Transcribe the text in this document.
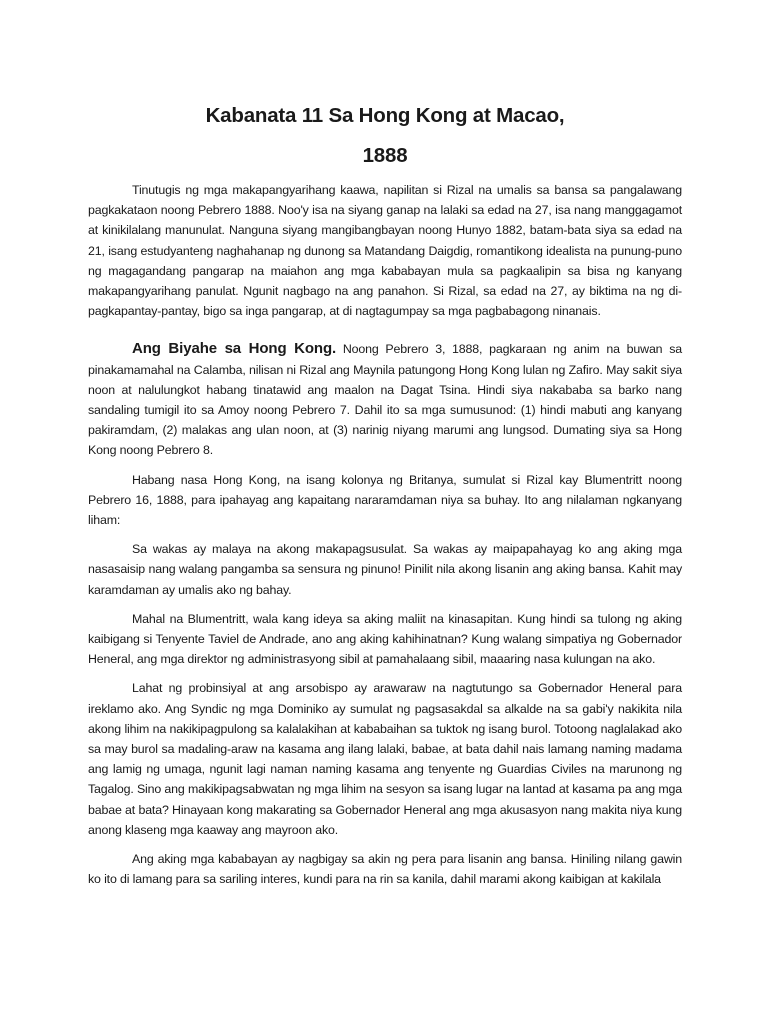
Kabanata 11 Sa Hong Kong at Macao,
1888

Tinutugis ng mga makapangyarihang kaawa, napilitan si Rizal na umalis sa bansa sa pangalawang pagkakataon noong Pebrero 1888. Noo'y isa na siyang ganap na lalaki sa edad na 27, isa nang manggagamot at kinikilalang manunulat. Nanguna siyang mangibangbayan noong Hunyo 1882, batam-bata siya sa edad na 21, isang estudyanteng naghahanap ng dunong sa Matandang Daigdig, romantikong idealista na punung-puno ng magagandang pangarap na maiahon ang mga kababayan mula sa pagkaalipin sa bisa ng kanyang makapangyarihang panulat. Ngunit nagbago na ang panahon. Si Rizal, sa edad na 27, ay biktima na ng di-pagkapantay-pantay, bigo sa inga pangarap, at di nagtagumpay sa mga pagbabagong ninanais.

Ang Biyahe sa Hong Kong. Noong Pebrero 3, 1888, pagkaraan ng anim na buwan sa pinakamamahal na Calamba, nilisan ni Rizal ang Maynila patungong Hong Kong lulan ng Zafiro. May sakit siya noon at nalulungkot habang tinatawid ang maalon na Dagat Tsina. Hindi siya nakababa sa barko nang sandaling tumigil ito sa Amoy noong Pebrero 7. Dahil ito sa mga sumusunod: (1) hindi mabuti ang kanyang pakiramdam, (2) malakas ang ulan noon, at (3) narinig niyang marumi ang lungsod. Dumating siya sa Hong Kong noong Pebrero 8.

Habang nasa Hong Kong, na isang kolonya ng Britanya, sumulat si Rizal kay Blumentritt noong Pebrero 16, 1888, para ipahayag ang kapaitang nararamdaman niya sa buhay. Ito ang nilalaman ngkanyang liham:

Sa wakas ay malaya na akong makapagsusulat. Sa wakas ay maipapahayag ko ang aking mga nasasaisip nang walang pangamba sa sensura ng pinuno! Pinilit nila akong lisanin ang aking bansa. Kahit may karamdaman ay umalis ako ng bahay.

Mahal na Blumentritt, wala kang ideya sa aking maliit na kinasapitan. Kung hindi sa tulong ng aking kaibigang si Tenyente Taviel de Andrade, ano ang aking kahihinatnan? Kung walang simpatiya ng Gobernador Heneral, ang mga direktor ng administrasyong sibil at pamahalaang sibil, maaaring nasa kulungan na ako.

Lahat ng probinsiyal at ang arsobispo ay arawaraw na nagtutungo sa Gobernador Heneral para ireklamo ako. Ang Syndic ng mga Dominiko ay sumulat ng pagsasakdal sa alkalde na sa gabi'y nakikita nila akong lihim na nakikipagpulong sa kalalakihan at kababaihan sa tuktok ng isang burol. Totoong naglalakad ako sa may burol sa madaling-araw na kasama ang ilang lalaki, babae, at bata dahil nais lamang naming madama ang lamig ng umaga, ngunit lagi naman naming kasama ang tenyente ng Guardias Civiles na marunong ng Tagalog. Sino ang makikipagsabwatan ng mga lihim na sesyon sa isang lugar na lantad at kasama pa ang mga babae at bata? Hinayaan kong makarating sa Gobernador Heneral ang mga akusasyon nang makita niya kung anong klaseng mga kaaway ang mayroon ako.

Ang aking mga kababayan ay nagbigay sa akin ng pera para lisanin ang bansa. Hiniling nilang gawin ko ito di lamang para sa sariling interes, kundi para na rin sa kanila, dahil marami akong kaibigan at kakilala
